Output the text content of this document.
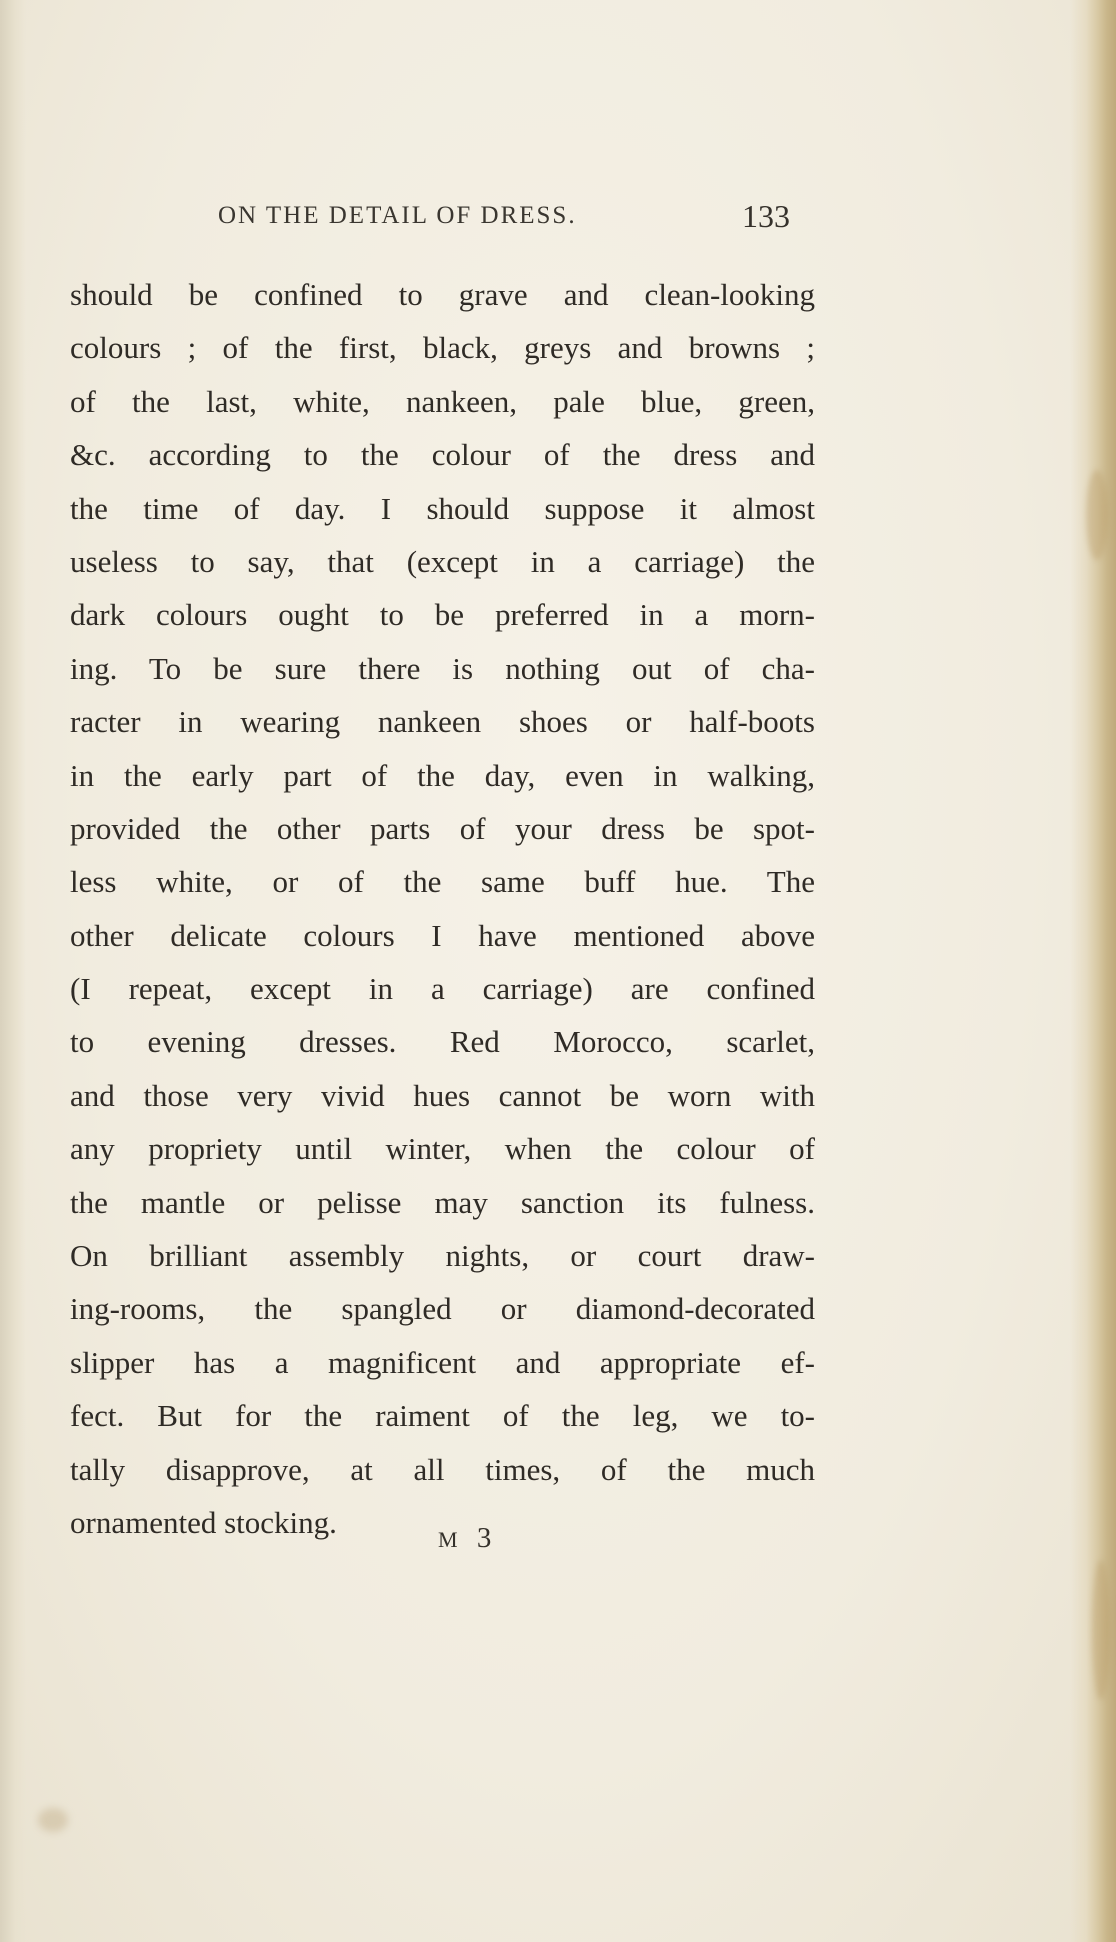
ON THE DETAIL OF DRESS.	133
should be confined to grave and clean-looking
colours ; of the first, black, greys and browns ;
of the last, white, nankeen, pale blue, green,
&c. according to the colour of the dress and
the time of day. I should suppose it almost
useless to say, that (except in a carriage) the
dark colours ought to be preferred in a morn-
ing. To be sure there is nothing out of cha-
racter in wearing nankeen shoes or half-boots
in the early part of the day, even in walking,
provided the other parts of your dress be spot-
less white, or of the same buff hue. The
other delicate colours I have mentioned above
(I repeat, except in a carriage) are confined
to evening dresses. Red Morocco, scarlet,
and those very vivid hues cannot be worn with
any propriety until winter, when the colour of
the mantle or pelisse may sanction its fulness.
On brilliant assembly nights, or court draw-
ing-rooms, the spangled or diamond-decorated
slipper has a magnificent and appropriate ef-
fect. But for the raiment of the leg, we to-
tally disapprove, at all times, of the much
ornamented stocking.	M 3
